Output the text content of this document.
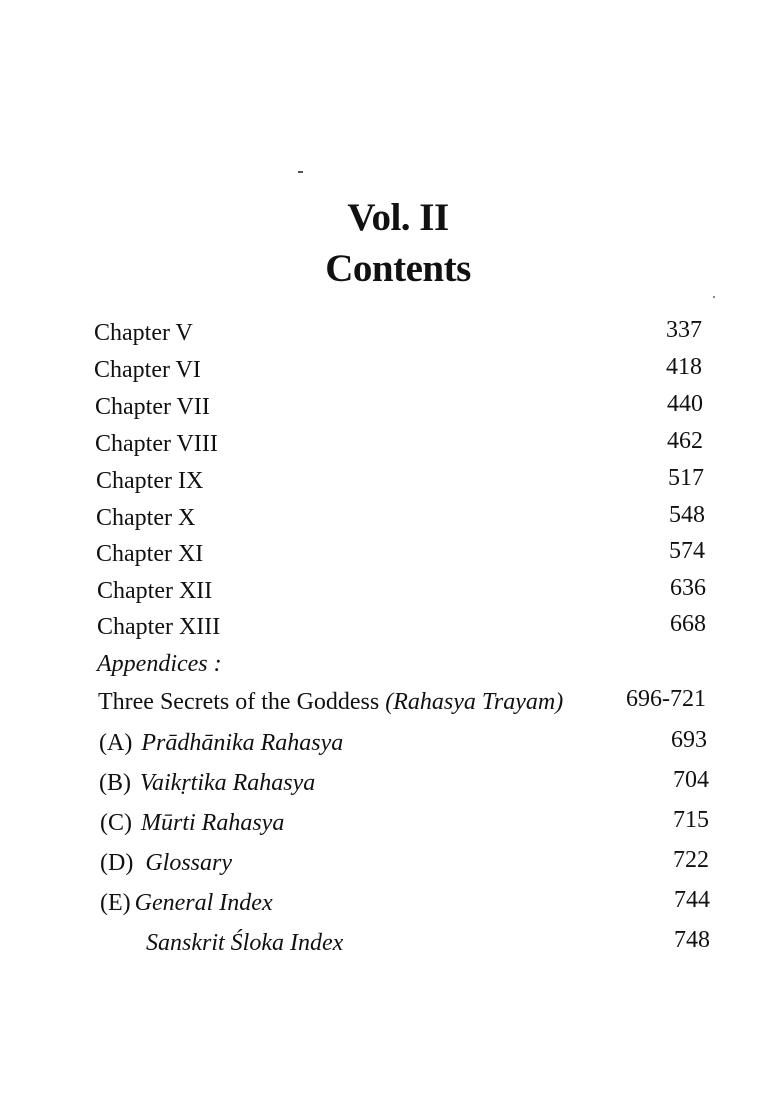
Vol. II
Contents
Chapter V	337
Chapter VI	418
Chapter VII	440
Chapter VIII	462
Chapter IX	517
Chapter X	548
Chapter XI	574
Chapter XII	636
Chapter XIII	668
Appendices :
Three Secrets of the Goddess (Rahasya Trayam)	696-721
(A) Prādhānika Rahasya	693
(B) Vaikṛtika Rahasya	704
(C) Mūrti Rahasya	715
(D) Glossary	722
(E) General Index	744
Sanskrit Śloka Index	748
